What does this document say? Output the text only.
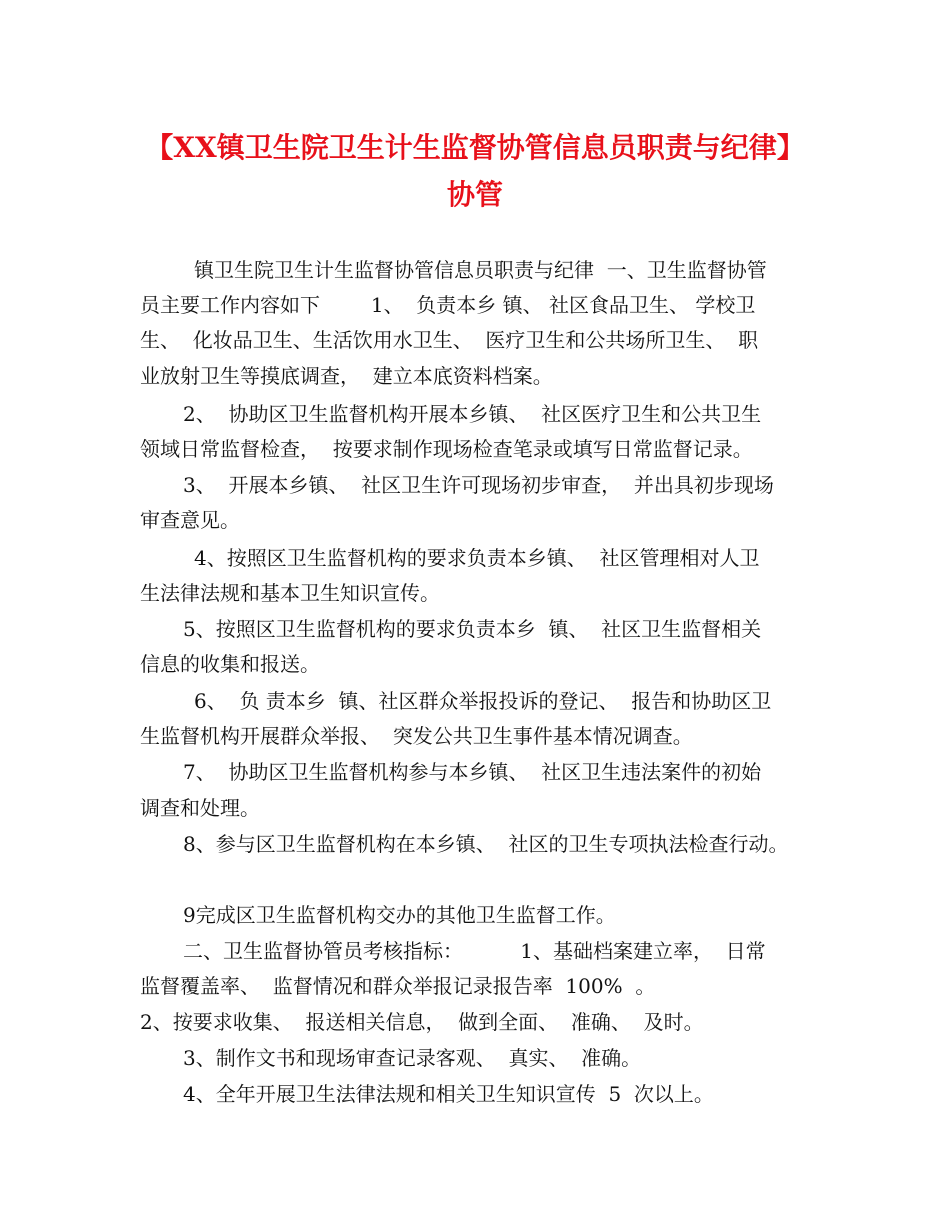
【XX镇卫生院卫生计生监督协管信息员职责与纪律】
协管

镇卫生院卫生计生监督协管信息员职责与纪律  一、卫生监督协管

员主要工作内容如下        1、  负责本乡 镇、 社区食品卫生、 学校卫

生、  化妆品卫生、生活饮用水卫生、  医疗卫生和公共场所卫生、  职

业放射卫生等摸底调查，  建立本底资料档案。

2、  协助区卫生监督机构开展本乡镇、  社区医疗卫生和公共卫生

领域日常监督检查，  按要求制作现场检查笔录或填写日常监督记录。

3、  开展本乡镇、  社区卫生许可现场初步审查，  并出具初步现场

审查意见。

4、按照区卫生监督机构的要求负责本乡镇、  社区管理相对人卫

生法律法规和基本卫生知识宣传。

5、按照区卫生监督机构的要求负责本乡  镇、  社区卫生监督相关

信息的收集和报送。

6、  负 责本乡  镇、社区群众举报投诉的登记、  报告和协助区卫

生监督机构开展群众举报、  突发公共卫生事件基本情况调查。

7、  协助区卫生监督机构参与本乡镇、  社区卫生违法案件的初始

调查和处理。

8、参与区卫生监督机构在本乡镇、  社区的卫生专项执法检查行动。

9完成区卫生监督机构交办的其他卫生监督工作。

二、卫生监督协管员考核指标：         1、基础档案建立率，  日常

监督覆盖率、  监督情况和群众举报记录报告率  100%  。

2、按要求收集、  报送相关信息，  做到全面、  准确、  及时。

3、制作文书和现场审查记录客观、  真实、  准确。

4、全年开展卫生法律法规和相关卫生知识宣传  5  次以上。
